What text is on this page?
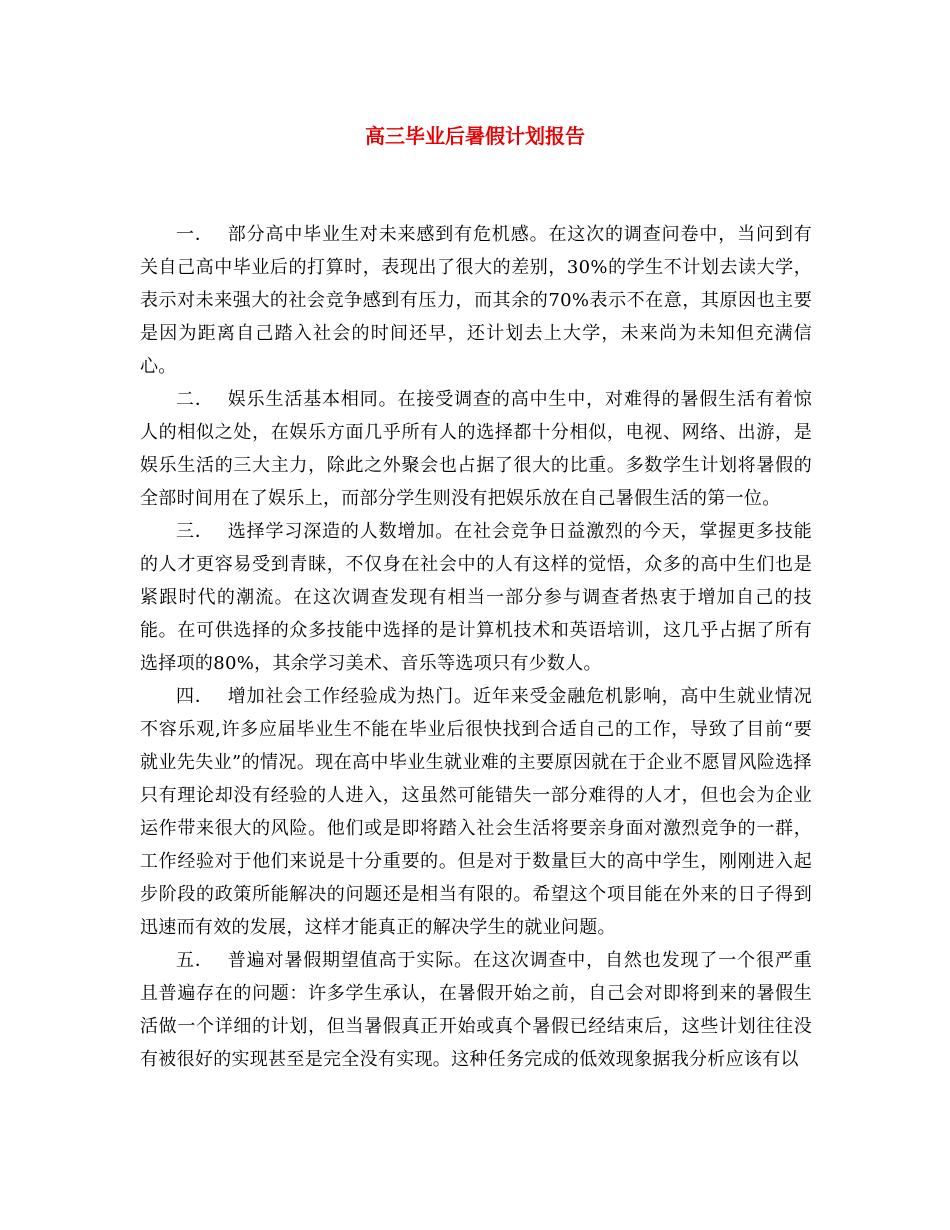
高三毕业后暑假计划报告

一． 部分高中毕业生对未来感到有危机感。在这次的调查问卷中，当问到有关自己高中毕业后的打算时，表现出了很大的差别，30%的学生不计划去读大学，表示对未来强大的社会竞争感到有压力，而其余的70%表示不在意，其原因也主要是因为距离自己踏入社会的时间还早，还计划去上大学，未来尚为未知但充满信心。

二． 娱乐生活基本相同。在接受调查的高中生中，对难得的暑假生活有着惊人的相似之处，在娱乐方面几乎所有人的选择都十分相似，电视、网络、出游，是娱乐生活的三大主力，除此之外聚会也占据了很大的比重。多数学生计划将暑假的全部时间用在了娱乐上，而部分学生则没有把娱乐放在自己暑假生活的第一位。

三． 选择学习深造的人数增加。在社会竞争日益激烈的今天，掌握更多技能的人才更容易受到青睐，不仅身在社会中的人有这样的觉悟，众多的高中生们也是紧跟时代的潮流。在这次调查发现有相当一部分参与调查者热衷于增加自己的技能。在可供选择的众多技能中选择的是计算机技术和英语培训，这几乎占据了所有选择项的80%，其余学习美术、音乐等选项只有少数人。

四． 增加社会工作经验成为热门。近年来受金融危机影响，高中生就业情况不容乐观,许多应届毕业生不能在毕业后很快找到合适自己的工作，导致了目前“要就业先失业”的情况。现在高中毕业生就业难的主要原因就在于企业不愿冒风险选择只有理论却没有经验的人进入，这虽然可能错失一部分难得的人才，但也会为企业运作带来很大的风险。他们或是即将踏入社会生活将要亲身面对激烈竞争的一群，工作经验对于他们来说是十分重要的。但是对于数量巨大的高中学生，刚刚进入起步阶段的政策所能解决的问题还是相当有限的。希望这个项目能在外来的日子得到迅速而有效的发展，这样才能真正的解决学生的就业问题。

五． 普遍对暑假期望值高于实际。在这次调查中，自然也发现了一个很严重且普遍存在的问题：许多学生承认，在暑假开始之前，自己会对即将到来的暑假生活做一个详细的计划，但当暑假真正开始或真个暑假已经结束后，这些计划往往没有被很好的实现甚至是完全没有实现。这种任务完成的低效现象据我分析应该有以
